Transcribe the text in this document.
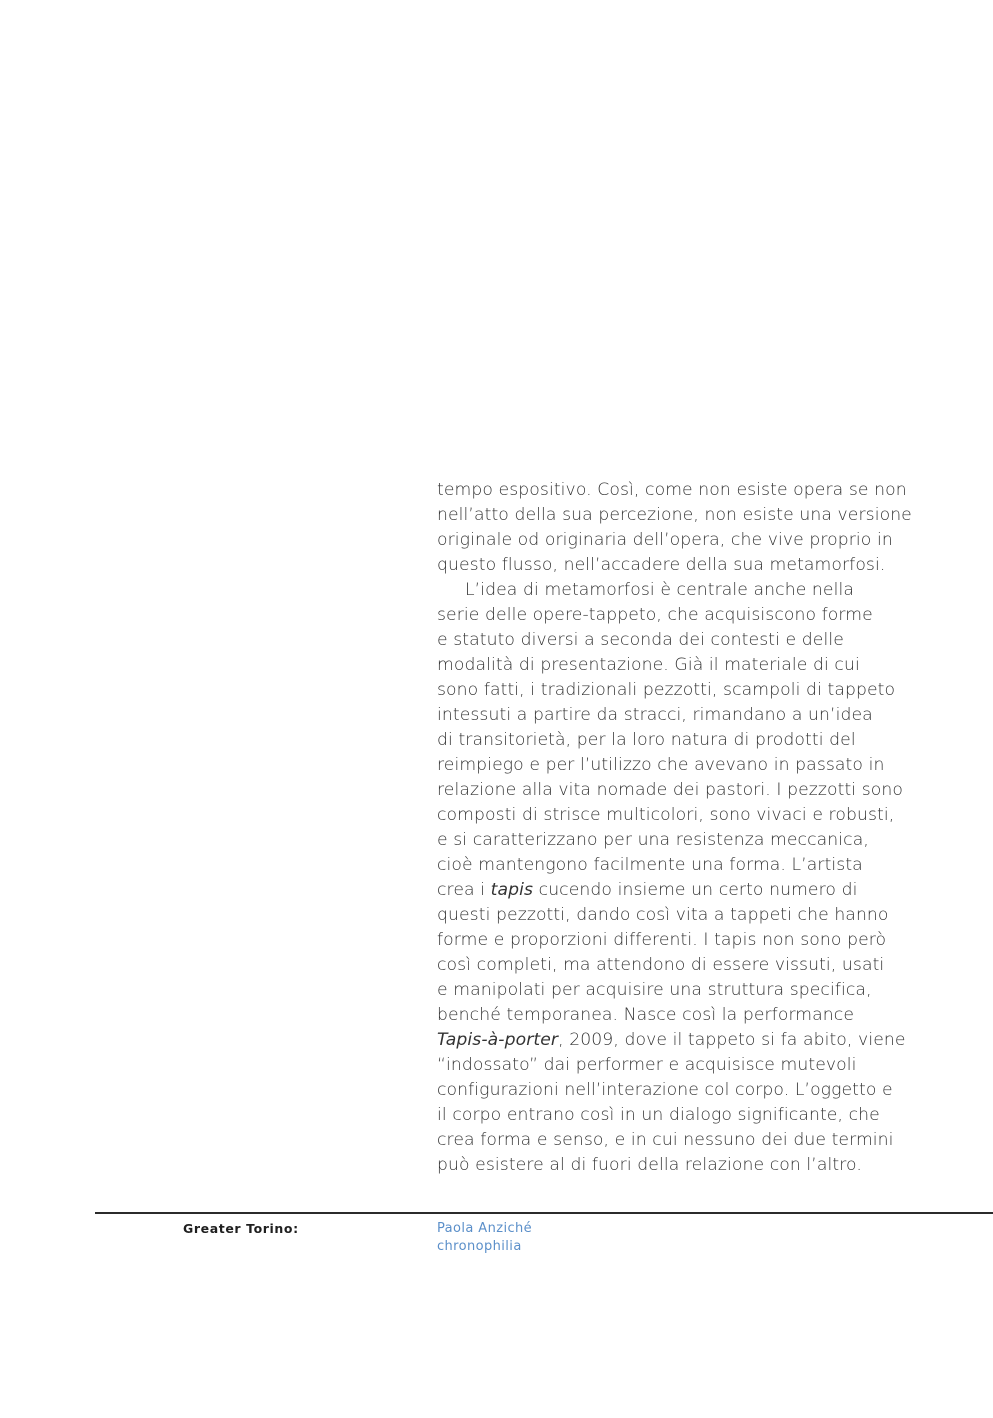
tempo espositivo. Così, come non esiste opera se non
nell’atto della sua percezione, non esiste una versione
originale od originaria dell’opera, che vive proprio in
questo flusso, nell’accadere della sua metamorfosi.
L’idea di metamorfosi è centrale anche nella
serie delle opere-tappeto, che acquisiscono forme
e statuto diversi a seconda dei contesti e delle
modalità di presentazione. Già il materiale di cui
sono fatti, i tradizionali pezzotti, scampoli di tappeto
intessuti a partire da stracci, rimandano a un’idea
di transitorietà, per la loro natura di prodotti del
reimpiego e per l’utilizzo che avevano in passato in
relazione alla vita nomade dei pastori. I pezzotti sono
composti di strisce multicolori, sono vivaci e robusti,
e si caratterizzano per una resistenza meccanica,
cioè mantengono facilmente una forma. L’artista
crea i tapis cucendo insieme un certo numero di
questi pezzotti, dando così vita a tappeti che hanno
forme e proporzioni differenti. I tapis non sono però
così completi, ma attendono di essere vissuti, usati
e manipolati per acquisire una struttura specifica,
benché temporanea. Nasce così la performance
Tapis-à-porter, 2009, dove il tappeto si fa abito, viene
“indossato” dai performer e acquisisce mutevoli
configurazioni nell’interazione col corpo. L’oggetto e
il corpo entrano così in un dialogo significante, che
crea forma e senso, e in cui nessuno dei due termini
può esistere al di fuori della relazione con l’altro.
Greater Torino:	Paola Anziché
chronophilia
